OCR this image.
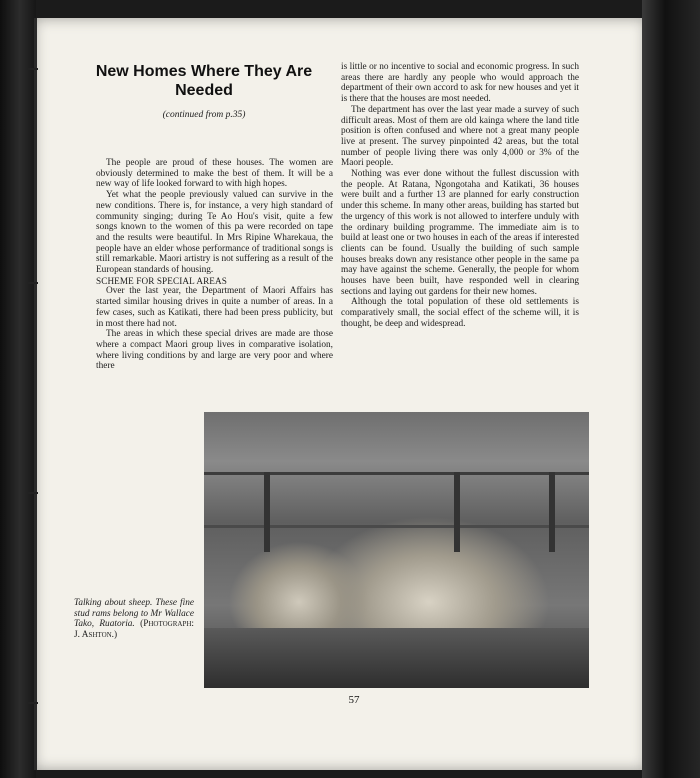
New Homes Where They Are Needed
(continued from p.35)

The people are proud of these houses. The women are obviously determined to make the best of them. It will be a new way of life looked forward to with high hopes.

Yet what the people previously valued can survive in the new conditions. There is, for instance, a very high standard of community singing; during Te Ao Hou's visit, quite a few songs known to the women of this pa were recorded on tape and the results were beautiful. In Mrs Ripine Wharekaua, the people have an elder whose performance of traditional songs is still remarkable. Maori artistry is not suffering as a result of the European standards of housing.

SCHEME FOR SPECIAL AREAS

Over the last year, the Department of Maori Affairs has started similar housing drives in quite a number of areas. In a few cases, such as Katikati, there had been press publicity, but in most there had not.

The areas in which these special drives are made are those where a compact Maori group lives in comparative isolation, where living conditions by and large are very poor and where there

is little or no incentive to social and economic progress. In such areas there are hardly any people who would approach the department of their own accord to ask for new houses and yet it is there that the houses are most needed.

The department has over the last year made a survey of such difficult areas. Most of them are old kainga where the land title position is often confused and where not a great many people live at present. The survey pinpointed 42 areas, but the total number of people living there was only 4,000 or 3% of the Maori people.

Nothing was ever done without the fullest discussion with the people. At Ratana, Ngongotaha and Katikati, 36 houses were built and a further 13 are planned for early construction under this scheme. In many other areas, building has started but the urgency of this work is not allowed to interfere unduly with the ordinary building programme. The immediate aim is to build at least one or two houses in each of the areas if interested clients can be found. Usually the building of such sample houses breaks down any resistance other people in the same pa may have against the scheme. Generally, the people for whom houses have been built, have responded well in clearing sections and laying out gardens for their new homes.

Although the total population of these old settlements is comparatively small, the social effect of the scheme will, it is thought, be deep and widespread.

Talking about sheep. These fine stud rams belong to Mr Wallace Tako, Ruatoria. (Photograph: J. Ashton.)
57
